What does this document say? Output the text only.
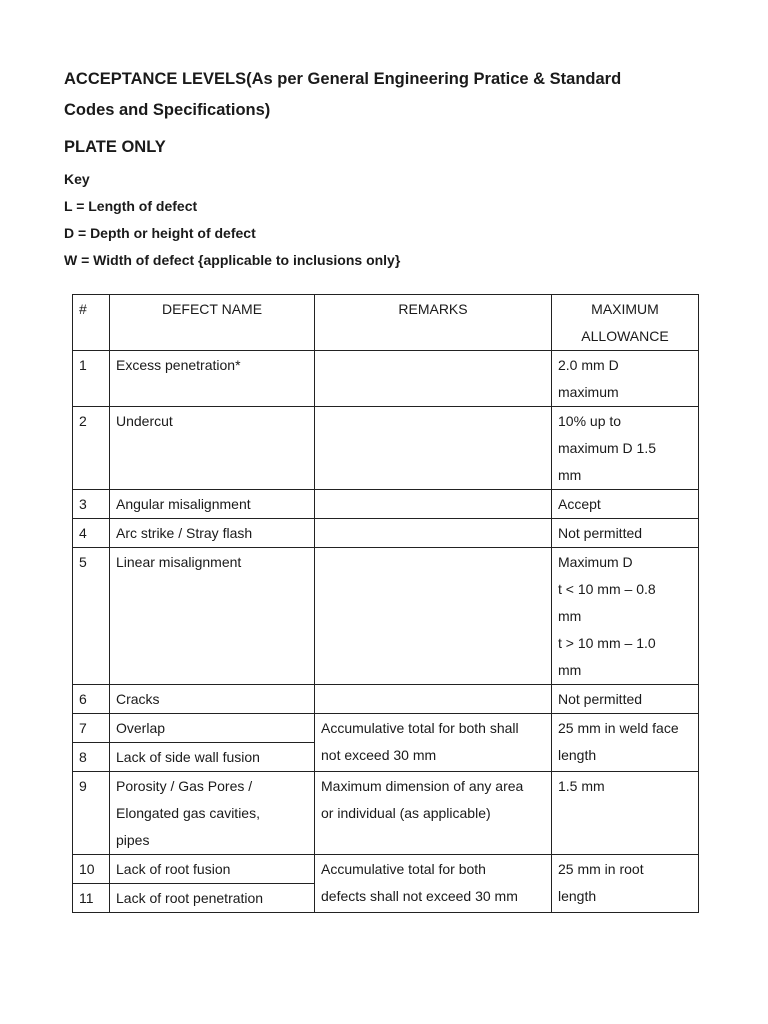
ACCEPTANCE LEVELS(As per General Engineering Pratice & Standard
Codes and Specifications)
PLATE ONLY
Key
L = Length of defect
D = Depth or height of defect
W = Width of defect {applicable to inclusions only}
#	DEFECT NAME	REMARKS	MAXIMUM
ALLOWANCE

1	Excess penetration*		2.0 mm D
maximum

2	Undercut		10% up to
maximum D 1.5
mm

3	Angular misalignment		Accept
4	Arc strike / Stray flash		Not permitted
5	Linear misalignment		Maximum D
t < 10 mm – 0.8
mm
t > 10 mm – 1.0
mm

6	Cracks		Not permitted
7	Overlap	Accumulative total for both shall
not exceed 30 mm	25 mm in weld face
length

8	Lack of side wall fusion		
9	Porosity / Gas Pores /
Elongated gas cavities,
pipes	Maximum dimension of any area
or individual (as applicable)	1.5 mm
10	Lack of root fusion	Accumulative total for both
defects shall not exceed 30 mm	25 mm in root
length

11	Lack of root penetration		
